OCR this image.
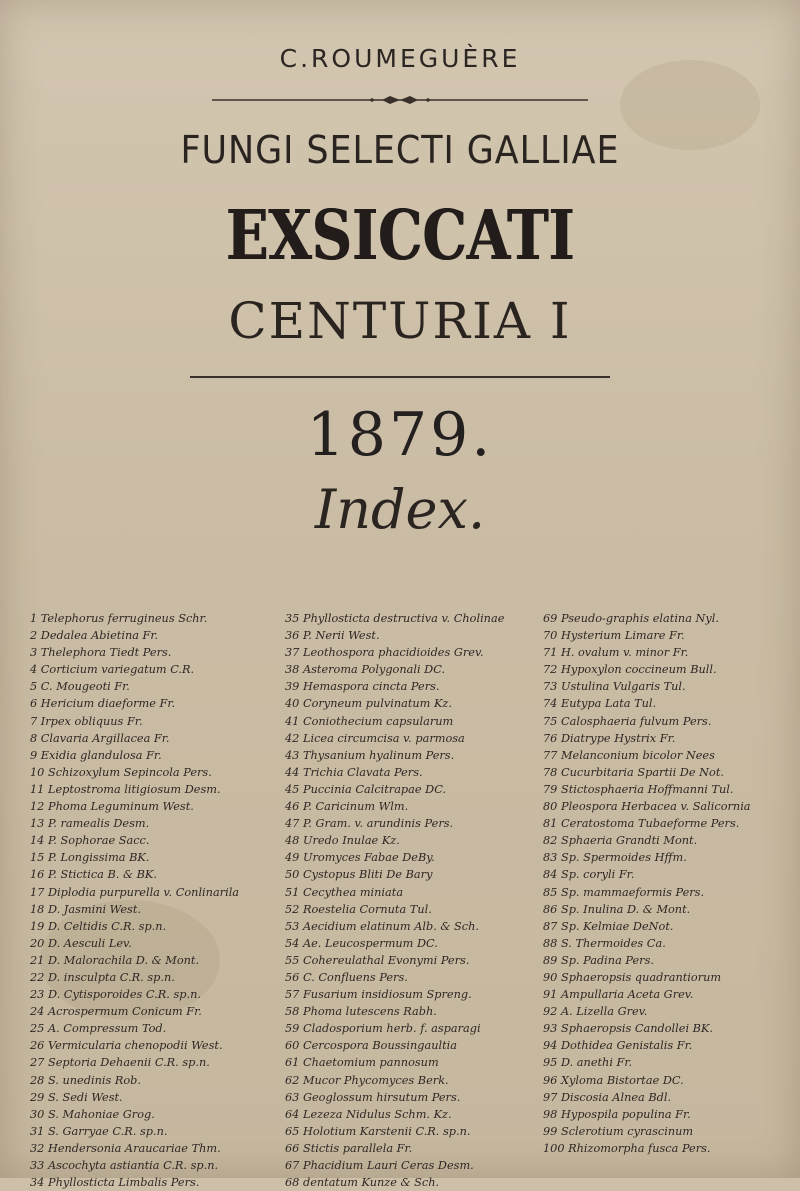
C.ROUMEGUÈRE
FUNGI SELECTI GALLIAE
EXSICCATI
CENTURIA I
1879.
Index.
1 Telephorus ferrugineus Schr.
2 Dedalea Abietina Fr.
3 Thelephora Tiedt Pers.
4 Corticium variegatum C.R.
5 C. Mougeoti Fr.
6 Hericium diaeforme Fr.
7 Irpex obliquus Fr.
8 Clavaria Argillacea Fr.
9 Exidia glandulosa Fr.
10 Schizoxylum Sepincola Pers.
11 Leptostroma litigiosum Desm.
12 Phoma Leguminum West.
13 P. ramealis Desm.
14 P. Sophorae Sacc.
15 P. Longissima BK.
16 P. Stictica B. & BK.
17 Diplodia purpurella v. Conlinarila
18 D. Jasmini West.
19 D. Celtidis C.R. sp.n.
20 D. Aesculi Lev.
21 D. Malorachila D. & Mont.
22 D. insculpta C.R. sp.n.
23 D. Cytisporoides C.R. sp.n.
24 Acrospermum Conicum Fr.
25 A. Compressum Tod.
26 Vermicularia chenopodii West.
27 Septoria Dehaenii C.R. sp.n.
28 S. unedinis Rob.
29 S. Sedi West.
30 S. Mahoniae Grog.
31 S. Garryae C.R. sp.n.
32 Hendersonia Araucariae Thm.
33 Ascochyta astiantia C.R. sp.n.
34 Phyllosticta Limbalis Pers.
35 Phyllosticta destructiva v. Cholinae
36 P. Nerii West.
37 Leothospora phacidioides Grev.
38 Asteroma Polygonali DC.
39 Hemaspora cincta Pers.
40 Coryneum pulvinatum Kz.
41 Coniothecium capsularum
42 Licea circumcisa v. parmosa
43 Thysanium hyalinum Pers.
44 Trichia Clavata Pers.
45 Puccinia Calcitrapae DC.
46 P. Caricinum Wlm.
47 P. Gram. v. arundinis Pers.
48 Uredo Inulae Kz.
49 Uromyces Fabae DeBy.
50 Cystopus Bliti De Bary
51 Cecythea miniata
52 Roestelia Cornuta Tul.
53 Aecidium elatinum Alb. & Sch.
54 Ae. Leucospermum DC.
55 Cohereulathal Evonymi Pers.
56 C. Confluens Pers.
57 Fusarium insidiosum Spreng.
58 Phoma lutescens Rabh.
59 Cladosporium herb. f. asparagi
60 Cercospora Boussingaultia
61 Chaetomium pannosum
62 Mucor Phycomyces Berk.
63 Geoglossum hirsutum Pers.
64 Lezeza Nidulus Schm. Kz.
65 Holotium Karstenii C.R. sp.n.
66 Stictis parallela Fr.
67 Phacidium Lauri Ceras Desm.
68 dentatum Kunze & Sch.
69 Pseudo-graphis elatina Nyl.
70 Hysterium Limare Fr.
71 H. ovalum v. minor Fr.
72 Hypoxylon coccineum Bull.
73 Ustulina Vulgaris Tul.
74 Eutypa Lata Tul.
75 Calosphaeria fulvum Pers.
76 Diatrype Hystrix Fr.
77 Melanconium bicolor Nees
78 Cucurbitaria Spartii De Not.
79 Stictosphaeria Hoffmanni Tul.
80 Pleospora Herbacea v. Salicornia
81 Ceratostoma Tubaeforme Pers.
82 Sphaeria Grandti Mont.
83 Sp. Spermoides Hffm.
84 Sp. coryli Fr.
85 Sp. mammaeformis Pers.
86 Sp. Inulina D. & Mont.
87 Sp. Kelmiae DeNot.
88 S. Thermoides Ca.
89 Sp. Padina Pers.
90 Sphaeropsis quadrantiorum
91 Ampullaria Aceta Grev.
92 A. Lizella Grev.
93 Sphaeropsis Candollei BK.
94 Dothidea Genistalis Fr.
95 D. anethi Fr.
96 Xyloma Bistortae DC.
97 Discosia Alnea Bdl.
98 Hypospila populina Fr.
99 Sclerotium cyrascinum
100 Rhizomorpha fusca Pers.
